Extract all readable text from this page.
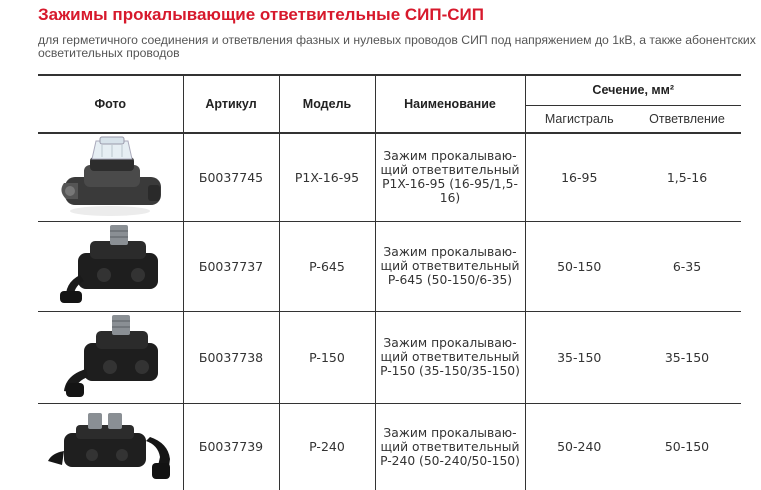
Зажимы прокалывающие ответвительные СИП-СИП
для герметичного соединения и ответвления фазных и нулевых проводов СИП под напряжением до 1кВ, а также абонентских осветительных проводов
Фото	Артикул	Модель	Наименование	Сечение, мм²	
				Магистраль	Ответвление

	Б0037745	P1X-16-95	Зажим прокалываю-щий ответвительный P1X-16-95 (16-95/1,5-16)	16-95	1,5-16

	Б0037737	P-645	Зажим прокалываю-щий ответвительный P-645 (50-150/6-35)	50-150	6-35

	Б0037738	P-150	Зажим прокалываю-щий ответвительный P-150 (35-150/35-150)	35-150	35-150

	Б0037739	P-240	Зажим прокалываю-щий ответвительный P-240 (50-240/50-150)	50-240	50-150
